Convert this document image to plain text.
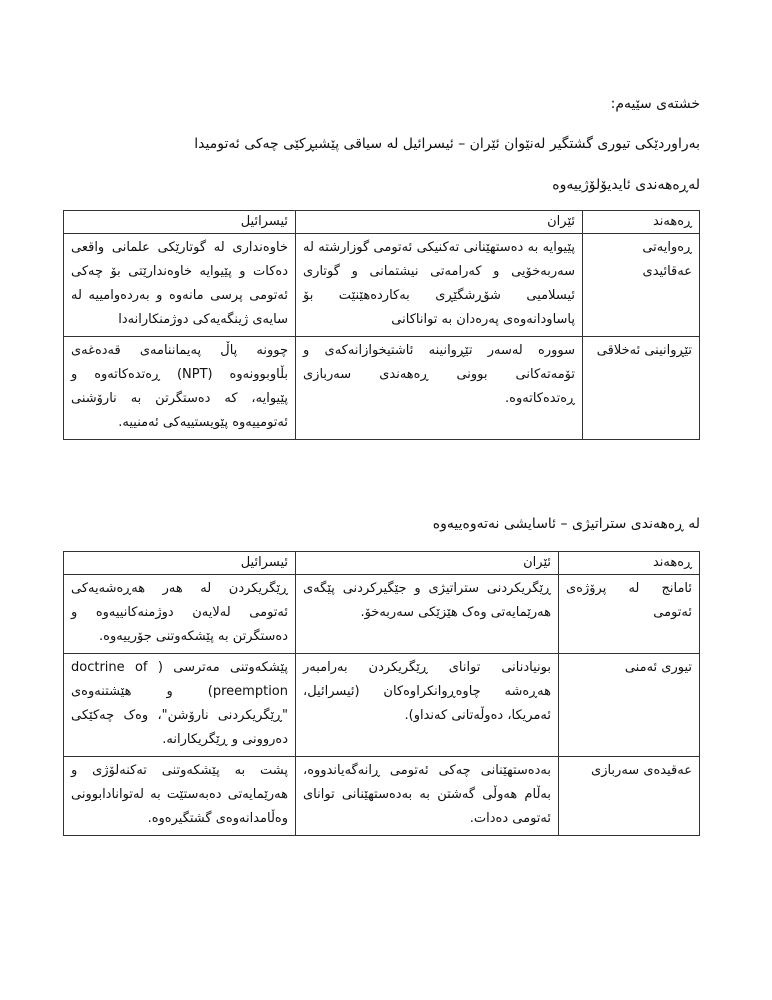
خشتەی سێیەم:
بەراوردێکی تیوری گشتگیر لەنێوان ئێران – ئیسرائیل لە سیاقی پێشبڕکێی چەکی ئەتومیدا
لەڕەهەندی ئایدیۆلۆژییەوە
ڕەهەند	ئێران	ئیسرائیل
ڕەوایەتی عەقائیدی	پێیوایە بە دەستهێنانی تەکنیکی ئەتومی گوزارشتە لە سەربەخۆیی و کەرامەتی نیشتمانی و گوتاری ئیسلامیی شۆڕشگێڕی بەکاردەهێنێت بۆ پاساودانەوەی پەرەدان بە تواناکانی	خاوەنداری لە گوتارێکی علمانی واقعی دەکات و پێیوایە خاوەندارێتی بۆ چەکی ئەتومی پرسی مانەوە و بەردەوامییە لە سایەی ژینگەیەکی دوژمنکارانەدا
تێڕوانینی ئەخلاقی	سوورە لەسەر تێڕوانینە ئاشتیخوازانەکەی و تۆمەتەکانی بوونی ڕەهەندی سەربازی ڕەتدەکاتەوە.	چوونە پاڵ پەیماننامەی قەدەغەی بڵاوبوونەوە (NPT) ڕەتدەکاتەوە و پێیوایە، کە دەستگرتن بە نارۆشنی ئەتومییەوە پێویستییەکی ئەمنییە.
لە ڕەهەندی ستراتیژی – ئاسایشی نەتەوەییەوە
ڕەهەند	ئێران	ئیسرائیل
ئامانج لە پرۆژەی ئەتومی	ڕێگریکردنی ستراتیژی و جێگیرکردنی پێگەی هەرێمایەتی وەک هێزێکی سەربەخۆ.	ڕێگریکردن لە هەر هەڕەشەیەکی ئەتومی لەلایەن دوژمنەکانییەوە و دەستگرتن بە پێشکەوتنی جۆرییەوە.
تیوری ئەمنی	بونیادنانی توانای ڕێگریکردن بەرامبەر هەڕەشە چاوەڕوانکراوەکان (ئیسرائیل، ئەمریکا، دەوڵەتانی کەنداو).	پێشکەوتنی مەترسی ( doctrine of preemption) و هێشتنەوەی "ڕێگریکردنی نارۆشن"، وەک چەکێکی دەروونی و ڕێگریکارانە.
عەقیدەی سەربازی	بەدەستهێنانی چەکی ئەتومی ڕانەگەیاندووە، بەڵام هەوڵی گەشتن بە بەدەستهێنانی توانای ئەتومی دەدات.	پشت بە پێشکەوتنی تەکنەلۆژی و هەرێمایەتی دەبەستێت بە لەتوانادابوونی وەڵامدانەوەی گشتگیرەوە.
